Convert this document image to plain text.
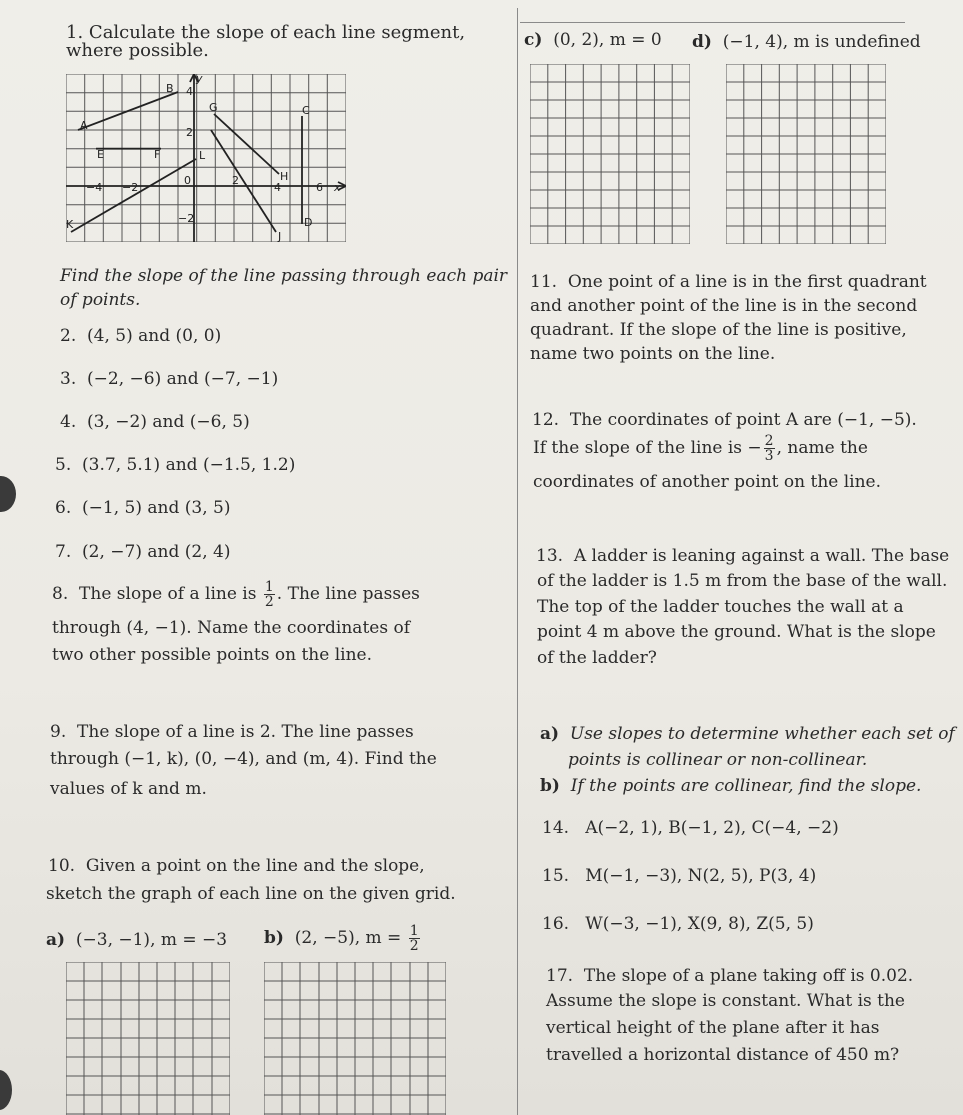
1. Calculate the slope of each line segment,
where possible.
−4 −2
0	2
4	6 x
y
4
2
−2
A
B
C
D
E	F
G
H
J
K
L
Find the slope of the line passing through each pair
of points.
2. (4, 5) and (0, 0)
3. (−2, −6) and (−7, −1)
4. (3, −2) and (−6, 5)
5. (3.7, 5.1) and (−1.5, 1.2)
6. (−1, 5) and (3, 5)
7. (2, −7) and (2, 4)
8. The slope of a line is $\frac{1}{2}$ . The line passes
through (4, −1). Name the coordinates of
two other possible points on the line.
9. The slope of a line is 2. The line passes
through (−1, k), (0, −4), and (m, 4). Find the
values of k and m.
10. Given a point on the line and the slope,
sketch the graph of each line on the given grid.
a) (−3, −1), m = −3 b) (2, −5), $m = \frac{1}{2}$
c) (0, 2), m = 0 d) (−1, 4), m is undefined
11. One point of a line is in the first quadrant
and another point of the line is in the second
quadrant. If the slope of the line is positive,
name two points on the line.
12. The coordinates of point A are (−1, −5).
If the slope of the line is − $\frac{2}{3}$ , name the
coordinates of another point on the line.
13. A ladder is leaning against a wall. The base
of the ladder is 1.5 m from the base of the wall.
The top of the ladder touches the wall at a
point 4 m above the ground. What is the slope
of the ladder?
a) Use slopes to determine whether each set of
points is collinear or non-collinear.
b) If the points are collinear, find the slope.
14. A(−2, 1), B(−1, 2), C(−4, −2)
15. M(−1, −3), N(2, 5), P(3, 4)
16. W(−3, −1), X(9, 8), Z(5, 5)
17. The slope of a plane taking off is 0.02.
Assume the slope is constant. What is the
vertical height of the plane after it has
travelled a horizontal distance of 450 m?
